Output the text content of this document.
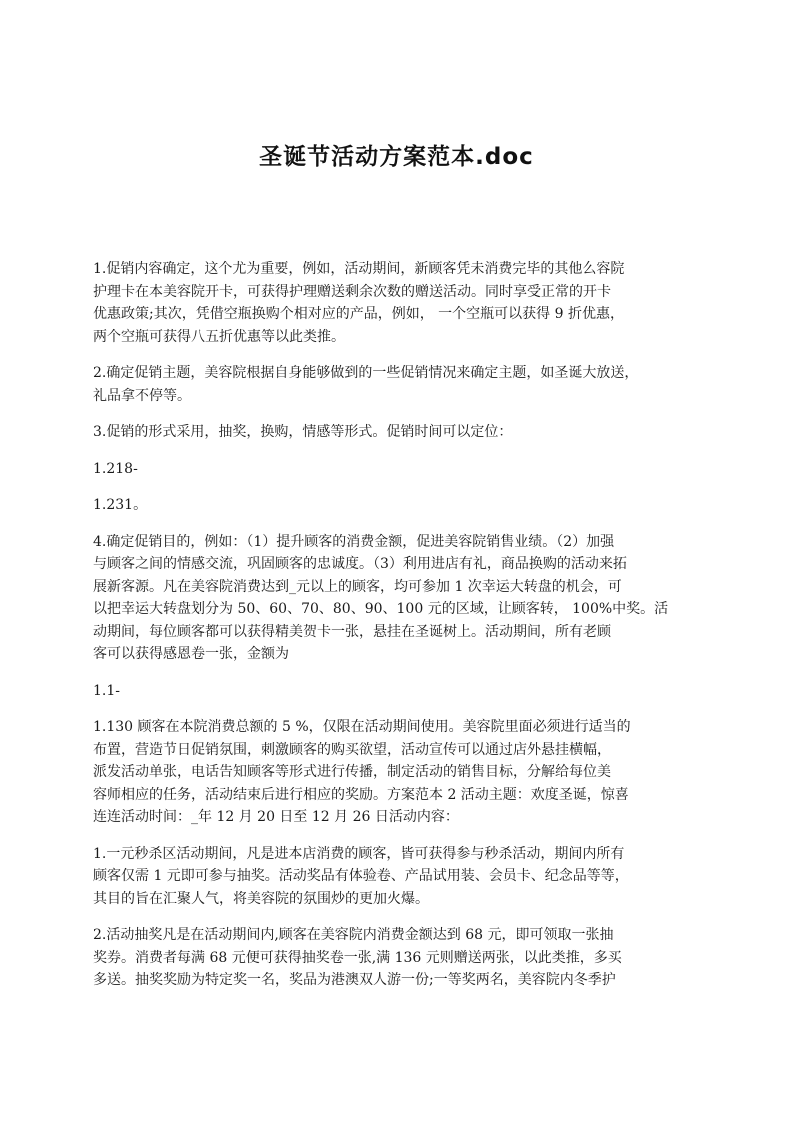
圣诞节活动方案范本.doc
1.促销内容确定，这个尤为重要，例如，活动期间，新顾客凭未消费完毕的其他么容院
护理卡在本美容院开卡，可获得护理赠送剩余次数的赠送活动。同时享受正常的开卡
优惠政策;其次，凭借空瓶换购个相对应的产品，例如， 一个空瓶可以获得 9 折优惠，
两个空瓶可获得八五折优惠等以此类推。
2.确定促销主题，美容院根据自身能够做到的一些促销情况来确定主题，如圣诞大放送，
礼品拿不停等。
3.促销的形式采用，抽奖，换购，情感等形式。促销时间可以定位：
1.218-
1.231。
4.确定促销目的，例如：（1）提升顾客的消费金额，促进美容院销售业绩。（2）加强
与顾客之间的情感交流，巩固顾客的忠诚度。（3）利用进店有礼，商品换购的活动来拓
展新客源。凡在美容院消费达到_元以上的顾客，均可参加 1 次幸运大转盘的机会，可
以把幸运大转盘划分为 50、60、70、80、90、100 元的区域，让顾客转， 100%中奖。活
动期间，每位顾客都可以获得精美贺卡一张，悬挂在圣诞树上。活动期间，所有老顾
客可以获得感恩卷一张，金额为
1.1-
1.130 顾客在本院消费总额的 5 %，仅限在活动期间使用。美容院里面必须进行适当的
布置，营造节日促销氛围，刺激顾客的购买欲望，活动宣传可以通过店外悬挂横幅，
派发活动单张，电话告知顾客等形式进行传播，制定活动的销售目标，分解给每位美
容师相应的任务，活动结束后进行相应的奖励。方案范本 2 活动主题：欢度圣诞，惊喜
连连活动时间：_年 12 月 20 日至 12 月 26 日活动内容：
1.一元秒杀区活动期间，凡是进本店消费的顾客，皆可获得参与秒杀活动，期间内所有
顾客仅需 1 元即可参与抽奖。活动奖品有体验卷、产品试用装、会员卡、纪念品等等，
其目的旨在汇聚人气，将美容院的氛围炒的更加火爆。
2.活动抽奖凡是在活动期间内,顾客在美容院内消费金额达到 68 元，即可领取一张抽
奖券。消费者每满 68 元便可获得抽奖卷一张,满 136 元则赠送两张，以此类推，多买
多送。抽奖奖励为特定奖一名，奖品为港澳双人游一份;一等奖两名，美容院内冬季护
